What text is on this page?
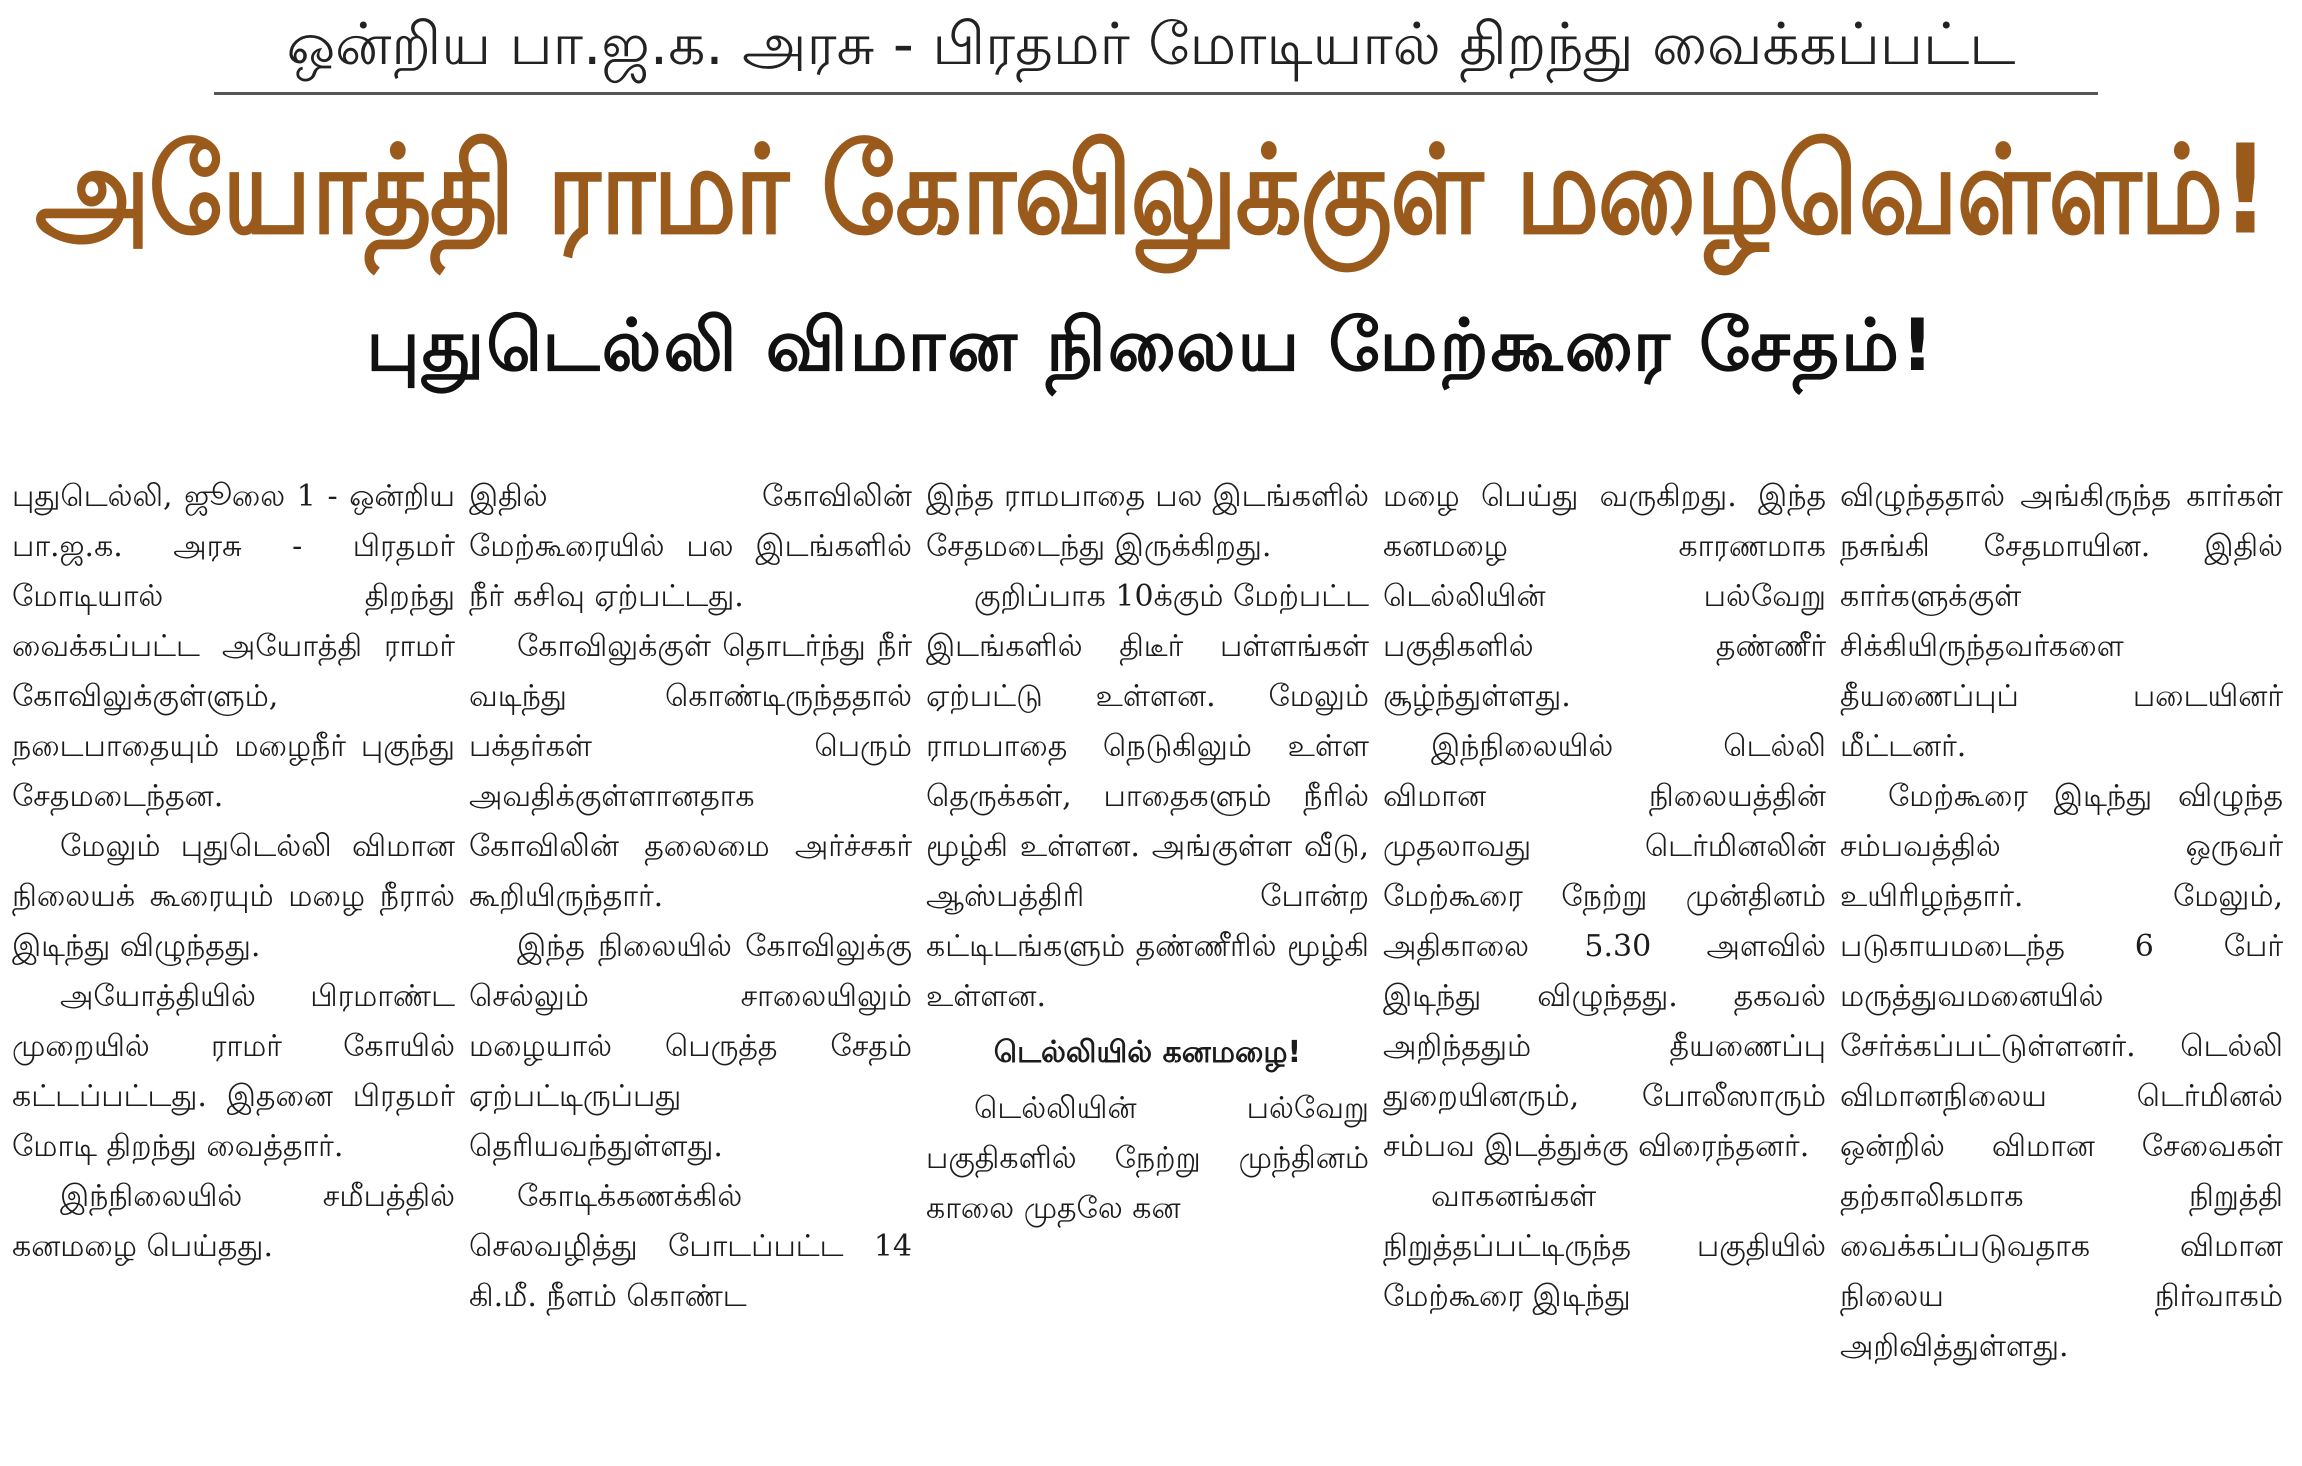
ஒன்றிய பா.ஜ.க. அரசு - பிரதமர் மோடியால் திறந்து வைக்கப்பட்ட
அயோத்தி ராமர் கோவிலுக்குள் மழைவெள்ளம்!
புதுடெல்லி விமான நிலைய மேற்கூரை சேதம்!

புதுடெல்லி, ஜூலை 1 - ஒன்றிய பா.ஜ.க. அரசு - பிரதமர் மோடியால் திறந்து வைக்கப்பட்ட அயோத்தி ராமர் கோவிலுக்குள்ளும், நடைபாதையும் மழைநீர் புகுந்து சேதமடைந்தன.

மேலும் புதுடெல்லி விமான நிலையக் கூரையும் மழை நீரால் இடிந்து விழுந்தது.

அயோத்தியில் பிரமாண்ட முறையில் ராமர் கோயில் கட்டப்பட்டது. இதனை பிரதமர் மோடி திறந்து வைத்தார்.

இந்நிலையில் சமீபத்தில் கனமழை பெய்தது.

இதில் கோவிலின் மேற்கூரையில் பல இடங்களில் நீர் கசிவு ஏற்பட்டது.

கோவிலுக்குள் தொடர்ந்து நீர் வடிந்து கொண்டிருந்ததால் பக்தர்கள் பெரும் அவதிக்குள்ளானதாக கோவிலின் தலைமை அர்ச்சகர் கூறியிருந்தார்.

இந்த நிலையில் கோவிலுக்கு செல்லும் சாலையிலும் மழையால் பெருத்த சேதம் ஏற்பட்டிருப்பது தெரியவந்துள்ளது.

கோடிக்கணக்கில் செலவழித்து போடப்பட்ட 14 கி.மீ. நீளம் கொண்ட

இந்த ராமபாதை பல இடங்களில் சேதமடைந்து இருக்கிறது.

குறிப்பாக 10க்கும் மேற்பட்ட இடங்களில் திடீர் பள்ளங்கள் ஏற்பட்டு உள்ளன. மேலும் ராமபாதை நெடுகிலும் உள்ள தெருக்கள், பாதைகளும் நீரில் மூழ்கி உள்ளன. அங்குள்ள வீடு, ஆஸ்பத்திரி போன்ற கட்டிடங்களும் தண்ணீரில் மூழ்கி உள்ளன.

டெல்லியில் கனமழை!

டெல்லியின் பல்வேறு பகுதிகளில் நேற்று முந்தினம் காலை முதலே கன

மழை பெய்து வருகிறது. இந்த கனமழை காரணமாக டெல்லியின் பல்வேறு பகுதிகளில் தண்ணீர் சூழ்ந்துள்ளது.

இந்நிலையில் டெல்லி விமான நிலையத்தின் முதலாவது டெர்மினலின் மேற்கூரை நேற்று முன்தினம் அதிகாலை 5.30 அளவில் இடிந்து விழுந்தது. தகவல் அறிந்ததும் தீயணைப்பு துறையினரும், போலீஸாரும் சம்பவ இடத்துக்கு விரைந்தனர்.

வாகனங்கள் நிறுத்தப்பட்டிருந்த பகுதியில் மேற்கூரை இடிந்து

விழுந்ததால் அங்கிருந்த கார்கள் நசுங்கி சேதமாயின. இதில் கார்களுக்குள் சிக்கியிருந்தவர்களை தீயணைப்புப் படையினர் மீட்டனர்.

மேற்கூரை இடிந்து விழுந்த சம்பவத்தில் ஒருவர் உயிரிழந்தார். மேலும், படுகாயமடைந்த 6 பேர் மருத்துவமனையில் சேர்க்கப்பட்டுள்ளனர். டெல்லி விமானநிலைய டெர்மினல் ஒன்றில் விமான சேவைகள் தற்காலிகமாக நிறுத்தி வைக்கப்படுவதாக விமான நிலைய நிர்வாகம் அறிவித்துள்ளது.
